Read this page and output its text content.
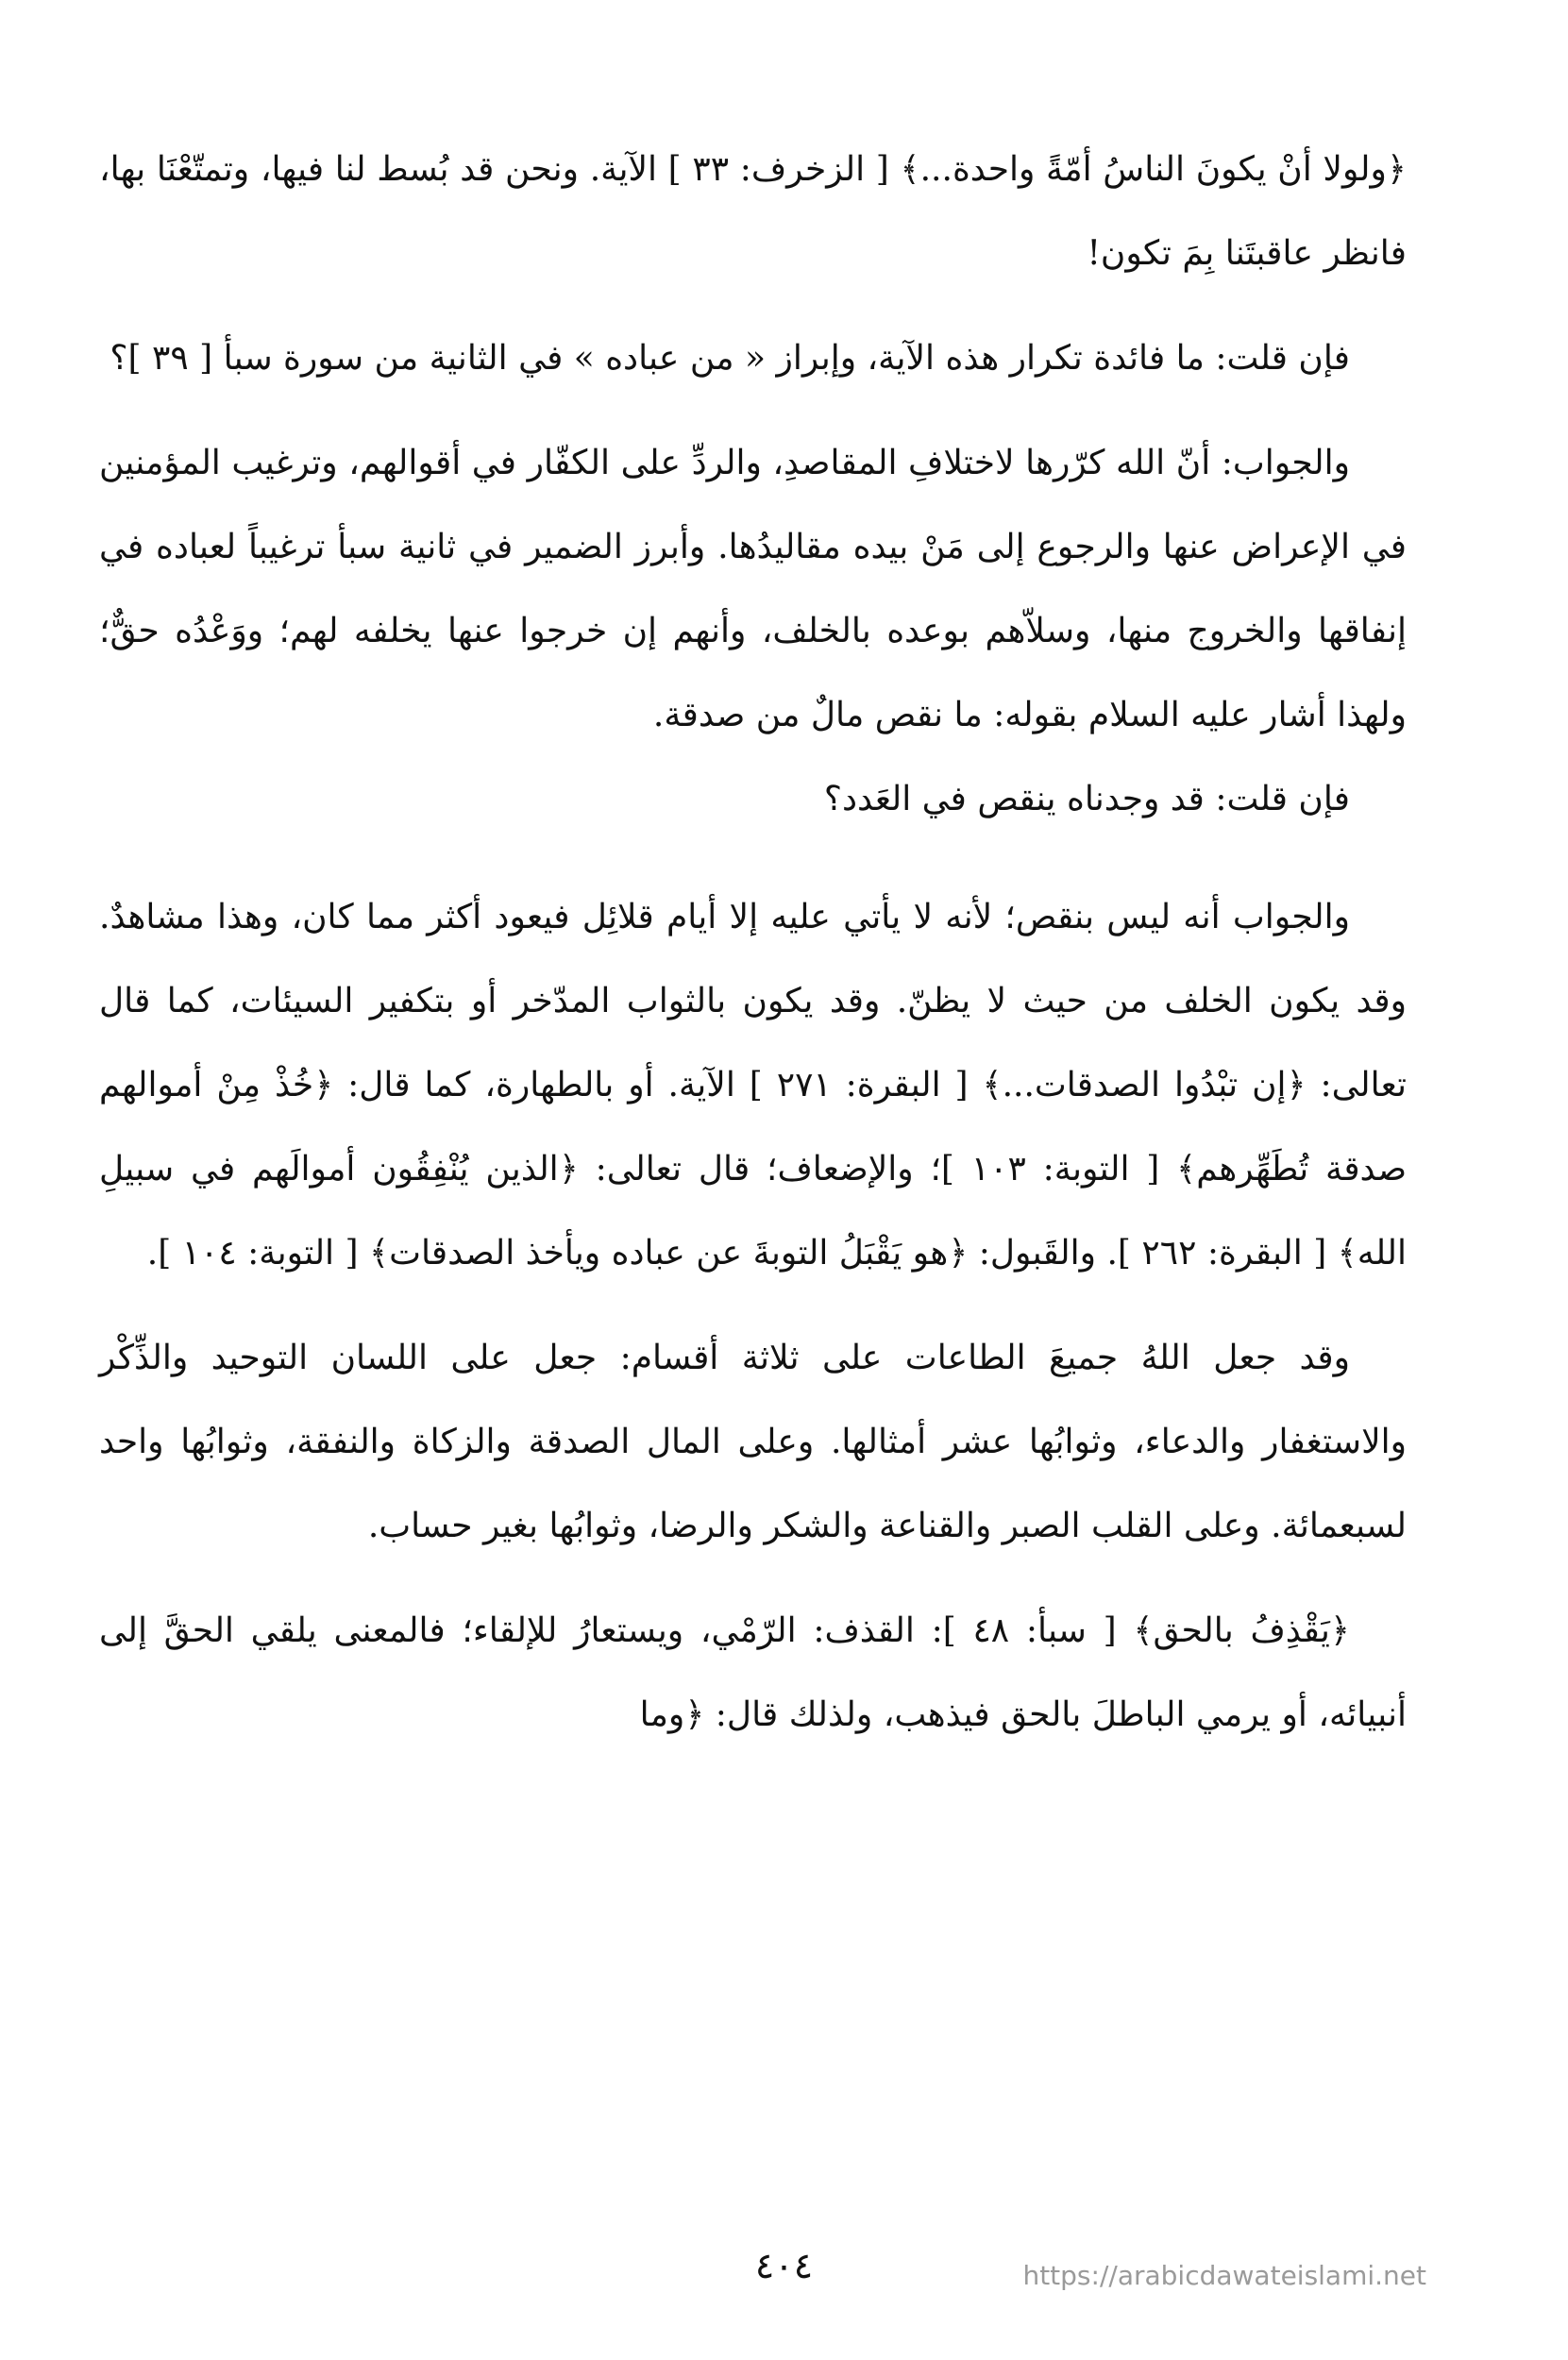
﴿ولولا أنْ يكونَ الناسُ أمّةً واحدة...﴾ [ الزخرف: ٣٣ ] الآية. ونحن قد بُسط لنا فيها، وتمتّعْنَا بها، فانظر عاقبتَنا بِمَ تكون!

فإن قلت: ما فائدة تكرار هذه الآية، وإبراز « من عباده » في الثانية من سورة سبأ [ ٣٩ ]؟

والجواب: أنّ الله كرّرها لاختلافِ المقاصدِ، والردِّ على الكفّار في أقوالهم، وترغيب المؤمنين في الإعراض عنها والرجوع إلى مَنْ بيده مقاليدُها. وأبرز الضمير في ثانية سبأ ترغيباً لعباده في إنفاقها والخروج منها، وسلاّهم بوعده بالخلف، وأنهم إن خرجوا عنها يخلفه لهم؛ ووَعْدُه حقٌّ؛ ولهذا أشار عليه السلام بقوله: ما نقص مالٌ من صدقة.

فإن قلت: قد وجدناه ينقص في العَدد؟

والجواب أنه ليس بنقص؛ لأنه لا يأتي عليه إلا أيام قلائِل فيعود أكثر مما كان، وهذا مشاهدٌ. وقد يكون الخلف من حيث لا يظنّ. وقد يكون بالثواب المدّخر أو بتكفير السيئات، كما قال تعالى: ﴿إن تبْدُوا الصدقات...﴾ [ البقرة: ٢٧١ ] الآية. أو بالطهارة، كما قال: ﴿خُذْ مِنْ أموالهم صدقة تُطَهِّرهم﴾ [ التوبة: ١٠٣ ]؛ والإضعاف؛ قال تعالى: ﴿الذين يُنْفِقُون أموالَهم في سبيلِ الله﴾ [ البقرة: ٢٦٢ ]. والقَبول: ﴿هو يَقْبَلُ التوبةَ عن عباده ويأخذ الصدقات﴾ [ التوبة: ١٠٤ ].

وقد جعل اللهُ جميعَ الطاعات على ثلاثة أقسام: جعل على اللسان التوحيد والذِّكْر والاستغفار والدعاء، وثوابُها عشر أمثالها. وعلى المال الصدقة والزكاة والنفقة، وثوابُها واحد لسبعمائة. وعلى القلب الصبر والقناعة والشكر والرضا، وثوابُها بغير حساب.

﴿يَقْذِفُ بالحق﴾ [ سبأ: ٤٨ ]: القذف: الرّمْي، ويستعارُ للإلقاء؛ فالمعنى يلقي الحقَّ إلى أنبيائه، أو يرمي الباطلَ بالحق فيذهب، ولذلك قال: ﴿وما

٤٠٤	https://arabicdawateislami.net
